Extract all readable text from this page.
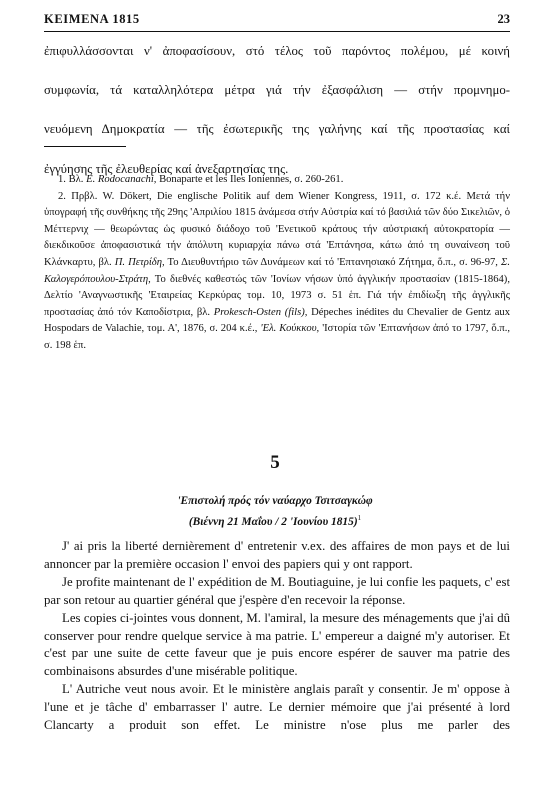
KEIMENA 1815	23

ἐπιφυλλάσσονται ν' ἀποφασίσουν, στό τέλος τοῦ παρόντος πολέμου, μέ κοινή

συμφωνία, τά καταλληλότερα μέτρα γιά τήν ἐξασφάλιση — στήν προμνημο-

νευόμενη Δημοκρατία — τῆς ἐσωτερικῆς της γαλήνης καί τῆς προστασίας καί

ἐγγύησης τῆς ἐλευθερίας καί ἀνεξαρτησίας της.

1. Βλ. E. Rodocanachi, Bonaparte et les Iles Ioniennes, σ. 260-261.

2. Πρβλ. W. Dökert, Die englische Politik auf dem Wiener Kongress, 1911, σ. 172 κ.έ. Μετά τήν ὑπογραφή τῆς συνθήκης τῆς 29ης 'Απριλίου 1815 ἀνάμεσα στήν Αὐστρία καί τό βασιλιά τῶν δύο Σικελιῶν, ὁ Μέττερνιχ — θεωρώντας ὡς φυσικό διάδοχο τοῦ 'Ενετικοῦ κράτους τήν αὐστριακή αὐτοκρατορία — διεκδικοῦσε ἀποφασιστικά τήν ἀπόλυτη κυριαρχία πάνω στά 'Επτάνησα, κάτω ἀπό τη συναίνεση τοῦ Κλάνκαρτυ, βλ. Π. Πετρίδη, Το Διευθυντήριο τῶν Δυνάμεων καί τό 'Επτανησιακό Ζήτημα, ὅ.π., σ. 96-97, Σ. Καλογερόπουλου-Στράτη, Το διεθνές καθεστώς τῶν 'Ιονίων νήσων ὑπό ἀγγλικήν προστασίαν (1815-1864), Δελτίο 'Αναγνωστικῆς 'Εταιρείας Κερκύρας τομ. 10, 1973 σ. 51 ἑπ. Γιά τήν ἐπιδίωξη τῆς ἀγγλικῆς προστασίας ἀπό τόν Καποδίστρια, βλ. Prokesch-Osten (fils), Dépeches inédites du Chevalier de Gentz aux Hospodars de Valachie, τομ. Α', 1876, σ. 204 κ.έ., 'Ελ. Κούκκου, 'Ιστορία τῶν 'Επτανήσων ἀπό το 1797, ὅ.π., σ. 198 ἑπ.

5
'Επιστολή πρός τόν ναύαρχο Τσιτσαγκώφ
(Βιέννη 21 Μαΐου / 2 'Ιουνίου 1815)$^1$

J' ai pris la liberté dernièrement d' entretenir v.ex. des affaires de mon pays et de lui annoncer par la première occasion l' envoi des papiers qui y ont rapport.

Je profite maintenant de l' expédition de M. Boutiaguine, je lui confie les paquets, c' est par son retour au quartier général que j'espère d'en recevoir la réponse.

Les copies ci-jointes vous donnent, M. l'amiral, la mesure des ménagements que j'ai dû conserver pour rendre quelque service à ma patrie. L' empereur a daigné m'y autoriser. Et c'est par une suite de cette faveur que je puis encore espérer de sauver ma patrie des combinaisons absurdes d'une misérable politique.

L' Autriche veut nous avoir. Et le ministère anglais paraît y consentir. Je m' oppose à l'une et je tâche d' embarrasser l' autre. Le dernier mémoire que j'ai présenté à lord Clancarty a produit son effet. Le ministre n'ose plus me parler des
